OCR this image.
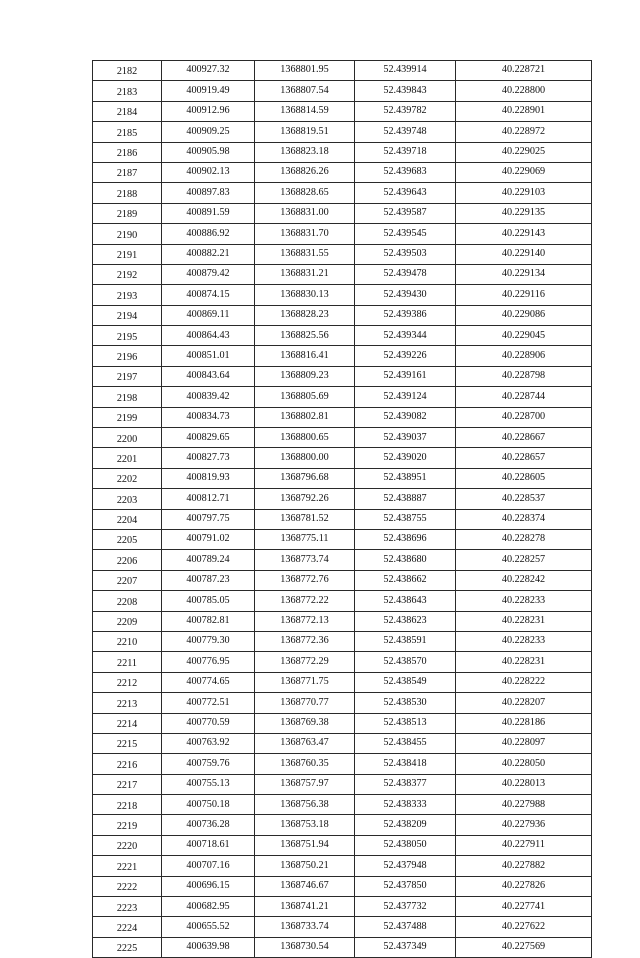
2182	400927.32	1368801.95	52.439914	40.228721
2183	400919.49	1368807.54	52.439843	40.228800
2184	400912.96	1368814.59	52.439782	40.228901
2185	400909.25	1368819.51	52.439748	40.228972
2186	400905.98	1368823.18	52.439718	40.229025
2187	400902.13	1368826.26	52.439683	40.229069
2188	400897.83	1368828.65	52.439643	40.229103
2189	400891.59	1368831.00	52.439587	40.229135
2190	400886.92	1368831.70	52.439545	40.229143
2191	400882.21	1368831.55	52.439503	40.229140
2192	400879.42	1368831.21	52.439478	40.229134
2193	400874.15	1368830.13	52.439430	40.229116
2194	400869.11	1368828.23	52.439386	40.229086
2195	400864.43	1368825.56	52.439344	40.229045
2196	400851.01	1368816.41	52.439226	40.228906
2197	400843.64	1368809.23	52.439161	40.228798
2198	400839.42	1368805.69	52.439124	40.228744
2199	400834.73	1368802.81	52.439082	40.228700
2200	400829.65	1368800.65	52.439037	40.228667
2201	400827.73	1368800.00	52.439020	40.228657
2202	400819.93	1368796.68	52.438951	40.228605
2203	400812.71	1368792.26	52.438887	40.228537
2204	400797.75	1368781.52	52.438755	40.228374
2205	400791.02	1368775.11	52.438696	40.228278
2206	400789.24	1368773.74	52.438680	40.228257
2207	400787.23	1368772.76	52.438662	40.228242
2208	400785.05	1368772.22	52.438643	40.228233
2209	400782.81	1368772.13	52.438623	40.228231
2210	400779.30	1368772.36	52.438591	40.228233
2211	400776.95	1368772.29	52.438570	40.228231
2212	400774.65	1368771.75	52.438549	40.228222
2213	400772.51	1368770.77	52.438530	40.228207
2214	400770.59	1368769.38	52.438513	40.228186
2215	400763.92	1368763.47	52.438455	40.228097
2216	400759.76	1368760.35	52.438418	40.228050
2217	400755.13	1368757.97	52.438377	40.228013
2218	400750.18	1368756.38	52.438333	40.227988
2219	400736.28	1368753.18	52.438209	40.227936
2220	400718.61	1368751.94	52.438050	40.227911
2221	400707.16	1368750.21	52.437948	40.227882
2222	400696.15	1368746.67	52.437850	40.227826
2223	400682.95	1368741.21	52.437732	40.227741
2224	400655.52	1368733.74	52.437488	40.227622
2225	400639.98	1368730.54	52.437349	40.227569
